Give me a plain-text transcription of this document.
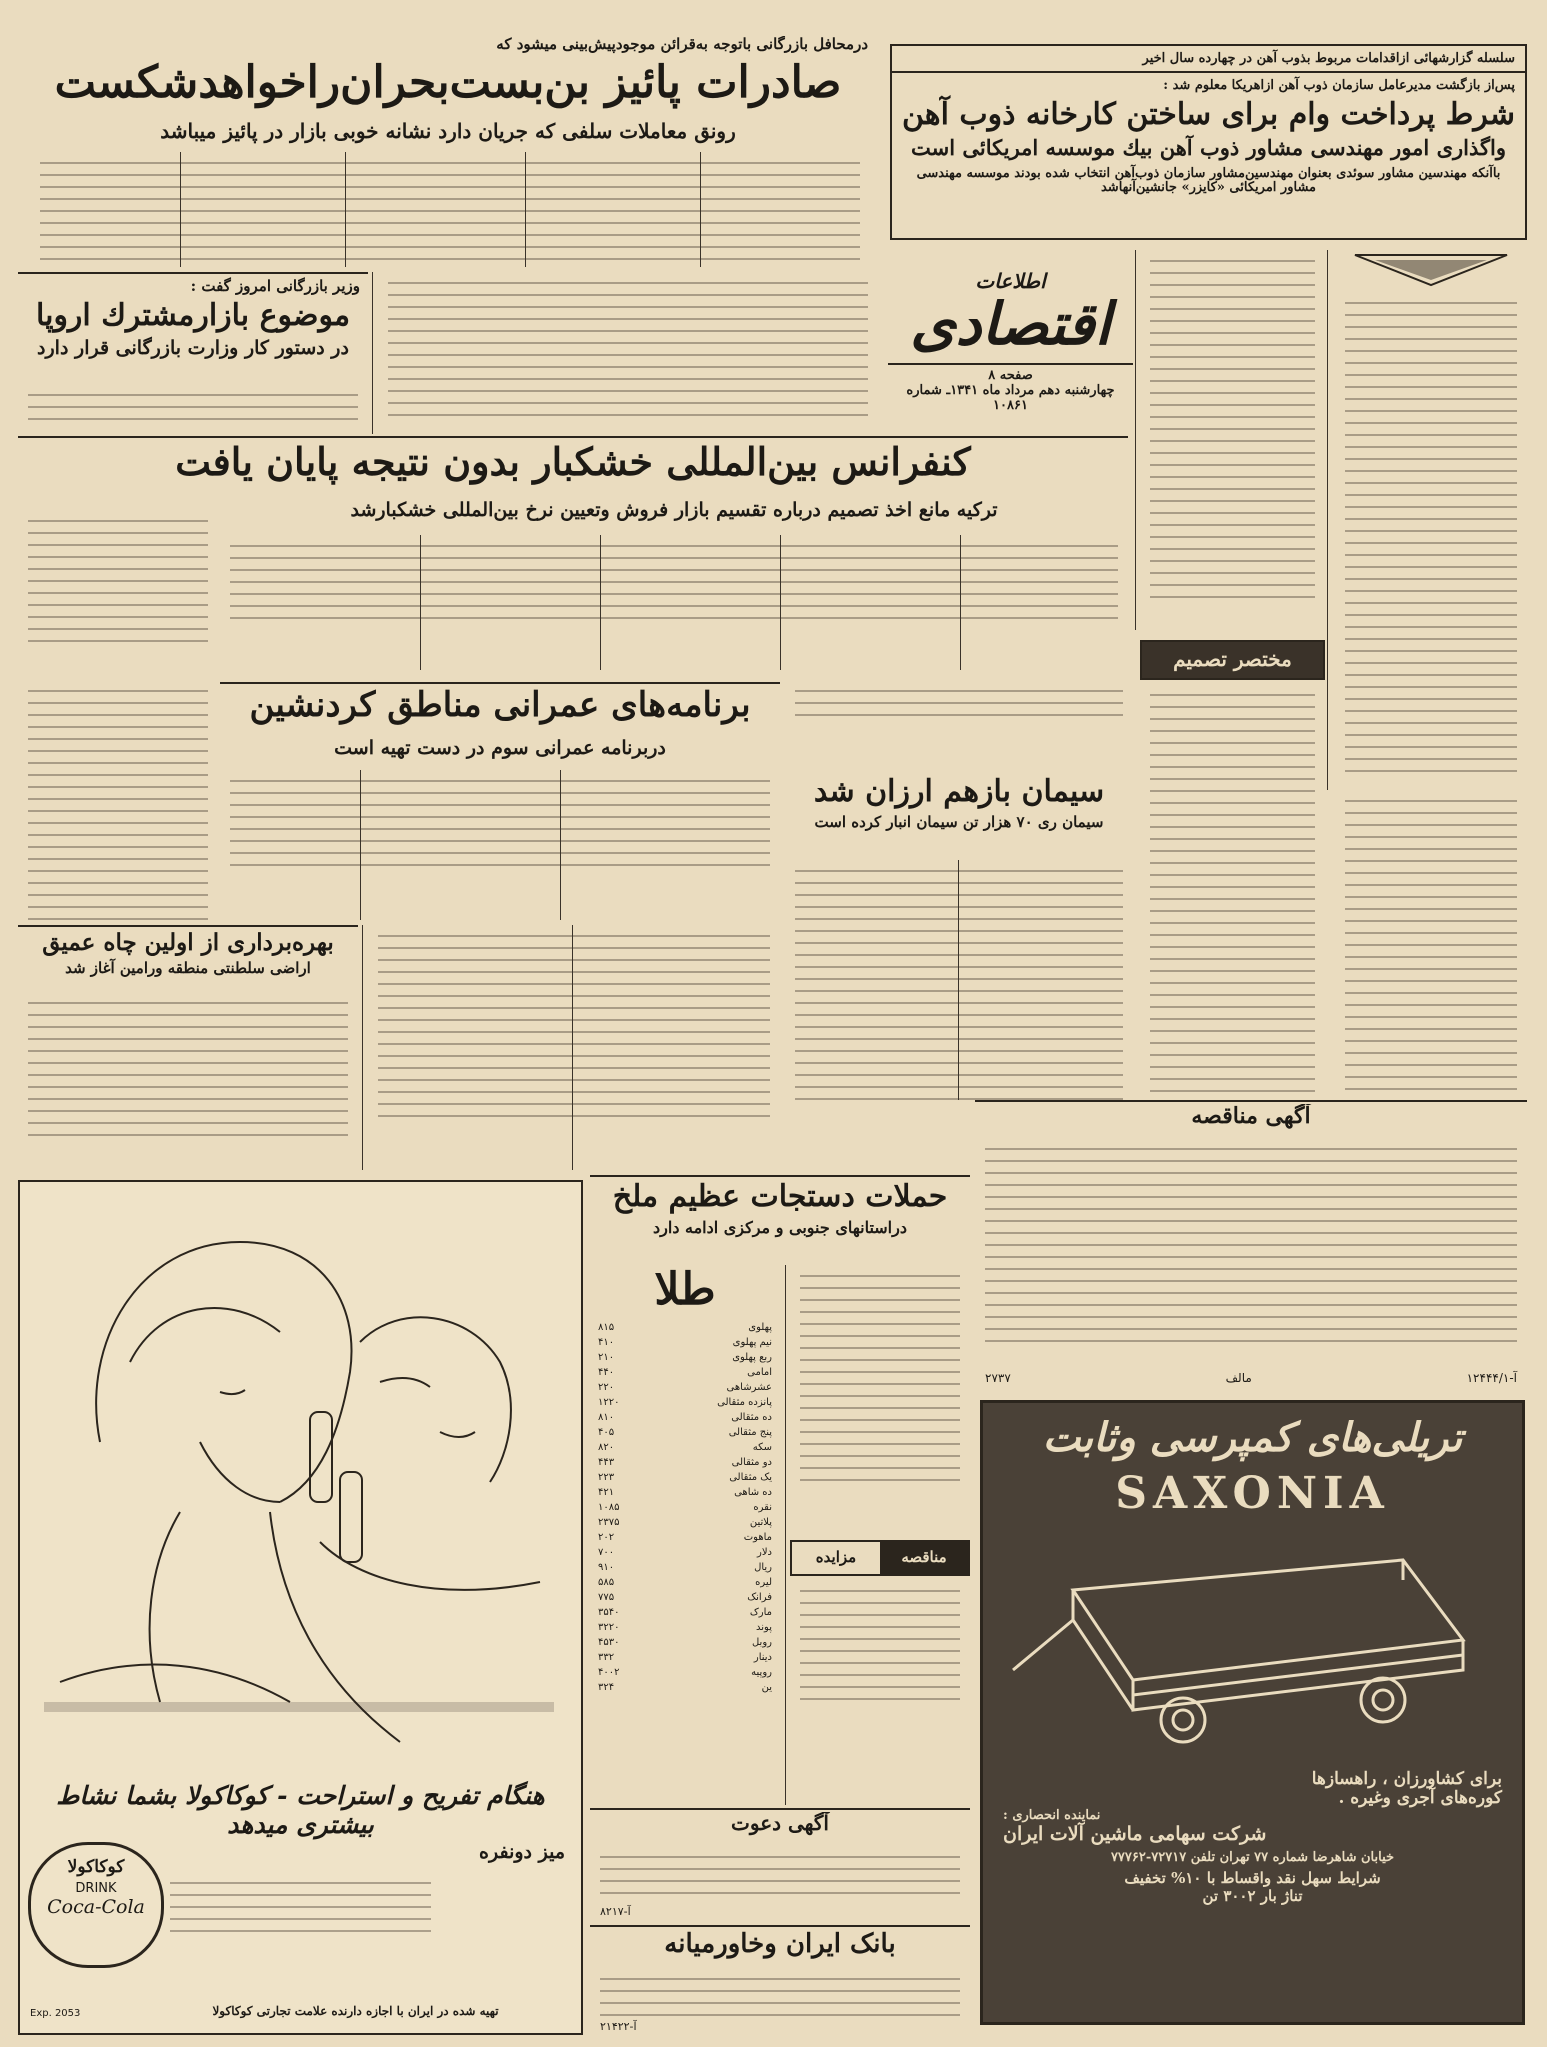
درمحافل بازرگانی باتوجه به‌قرائن موجودپیش‌بینی میشود که
صادرات پائیز بن‌بست‌بحران‌راخواهدشکست
رونق معاملات سلفی که جریان دارد نشانه خوبی بازار در پائیز میباشد
سلسله گزارشهائی ازاقدامات مربوط بذوب آهن در چهارده سال اخیر
پس‌از بازگشت مدیرعامل سازمان ذوب آهن ازاهریکا معلوم شد :
شرط پرداخت وام برای ساختن کارخانه ذوب آهن
واگذاری امور مهندسی مشاور ذوب آهن بیك موسسه امریکائی است
باآنکه مهندسین مشاور سوئدی بعنوان مهندسین‌مشاور سازمان ذوب‌آهن انتخاب شده بودند موسسه مهندسی مشاور امریکائی «کایزر» جانشین‌آنهاشد
وزیر بازرگانی امروز گفت :
موضوع بازارمشترك اروپا
در دستور کار وزارت بازرگانی قرار دارد
اطلاعات
اقتصادی
صفحه ۸
چهارشنبه دهم مرداد ماه ۱۳۴۱ـ شماره ۱۰۸۶۱
کنفرانس بین‌المللی خشکبار بدون نتیجه پایان یافت
ترکیه مانع اخذ تصمیم درباره تقسیم بازار فروش وتعیین نرخ بین‌المللی خشکبارشد
برنامه‌های عمرانی مناطق کردنشین
دربرنامه عمرانی سوم در دست تهیه است
سیمان بازهم ارزان شد
سیمان ری ۷۰ هزار تن سیمان انبار کرده است
مختصر تصمیم
بهره‌برداری از اولین چاه عمیق
اراضی سلطنتی منطقه ورامین آغاز شد
هنگام تفریح و استراحت - کوکاکولا بشما نشاط بیشتری میدهد
کوکاکولا
DRINK
Coca-Cola
میز دونفره
تهیه شده در ایران با اجازه دارنده علامت تجارتی کوکاکولا
Exp. 2053
حملات دستجات عظیم ملخ
دراستانهای جنوبی و مرکزی ادامه دارد
طلا
پهلوی
۸۱۵
نیم پهلوی
۴۱۰
ربع پهلوی
۲۱۰
امامی
۴۴۰
عشرشاهی
۲۲۰
پانزده مثقالی
۱۲۲۰
ده مثقالی
۸۱۰
پنج مثقالی
۴۰۵
سکه
۸۲۰
دو مثقالی
۴۴۳
یک مثقالی
۲۲۳
ده شاهی
۴۲۱
نقره
۱۰۸۵
پلاتین
۲۳۷۵
ماهوت
۲۰۲
دلار
۷۰۰
ریال
۹۱۰
لیره
۵۸۵
فرانک
۷۷۵
مارک
۳۵۴۰
پوند
۳۲۲۰
روبل
۴۵۳۰
دینار
۳۳۲
روپیه
۴۰۰۲
ین
۳۲۴
مزایده	مناقصه
آگهی دعوت
آ-۸۲۱۷
بانک ایران وخاورمیانه
آ-۲۱۴۲۲
آگهی مناقصه
آ-۱۲۴۴۴/۱
مالف
۲۷۳۷
تریلی‌های کمپرسی وثابت
SAXONIA
برای کشاورزان ، راهسازها
کوره‌های آجری وغیره .
نماینده انحصاری :
شرکت سهامی ماشین آلات ایران
خیابان شاهرضا شماره ۷۷ تهران تلفن ۷۲۷۱۷-۷۷۷۶۲
شرایط سهل نقد واقساط با ۱۰% تخفیف
تناژ بار ۳۰۰۲ تن
